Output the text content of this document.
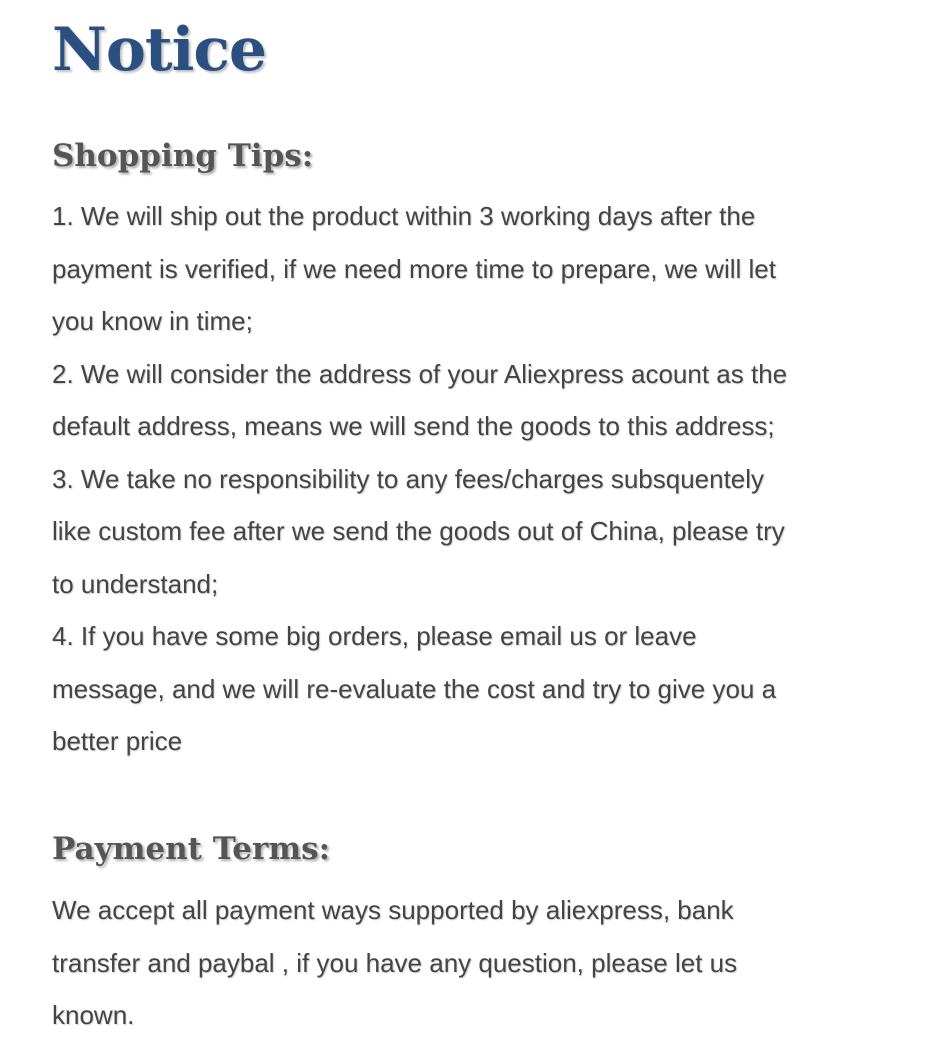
Notice
Shopping Tips:
1. We will ship out the product within 3 working days after the
payment is verified, if we need more time to prepare, we will let
you know in time;
2. We will consider the address of your Aliexpress acount as the
default address, means we will send the goods to this address;
3. We take no responsibility to any fees/charges subsquentely
like custom fee after we send the goods out of China, please try
to understand;
4. If you have some big orders, please email us or leave
message, and we will re-evaluate the cost and try to give you a
better price
Payment Terms:
We accept all payment ways supported by aliexpress, bank
transfer and paybal , if you have any question, please let us
known.
